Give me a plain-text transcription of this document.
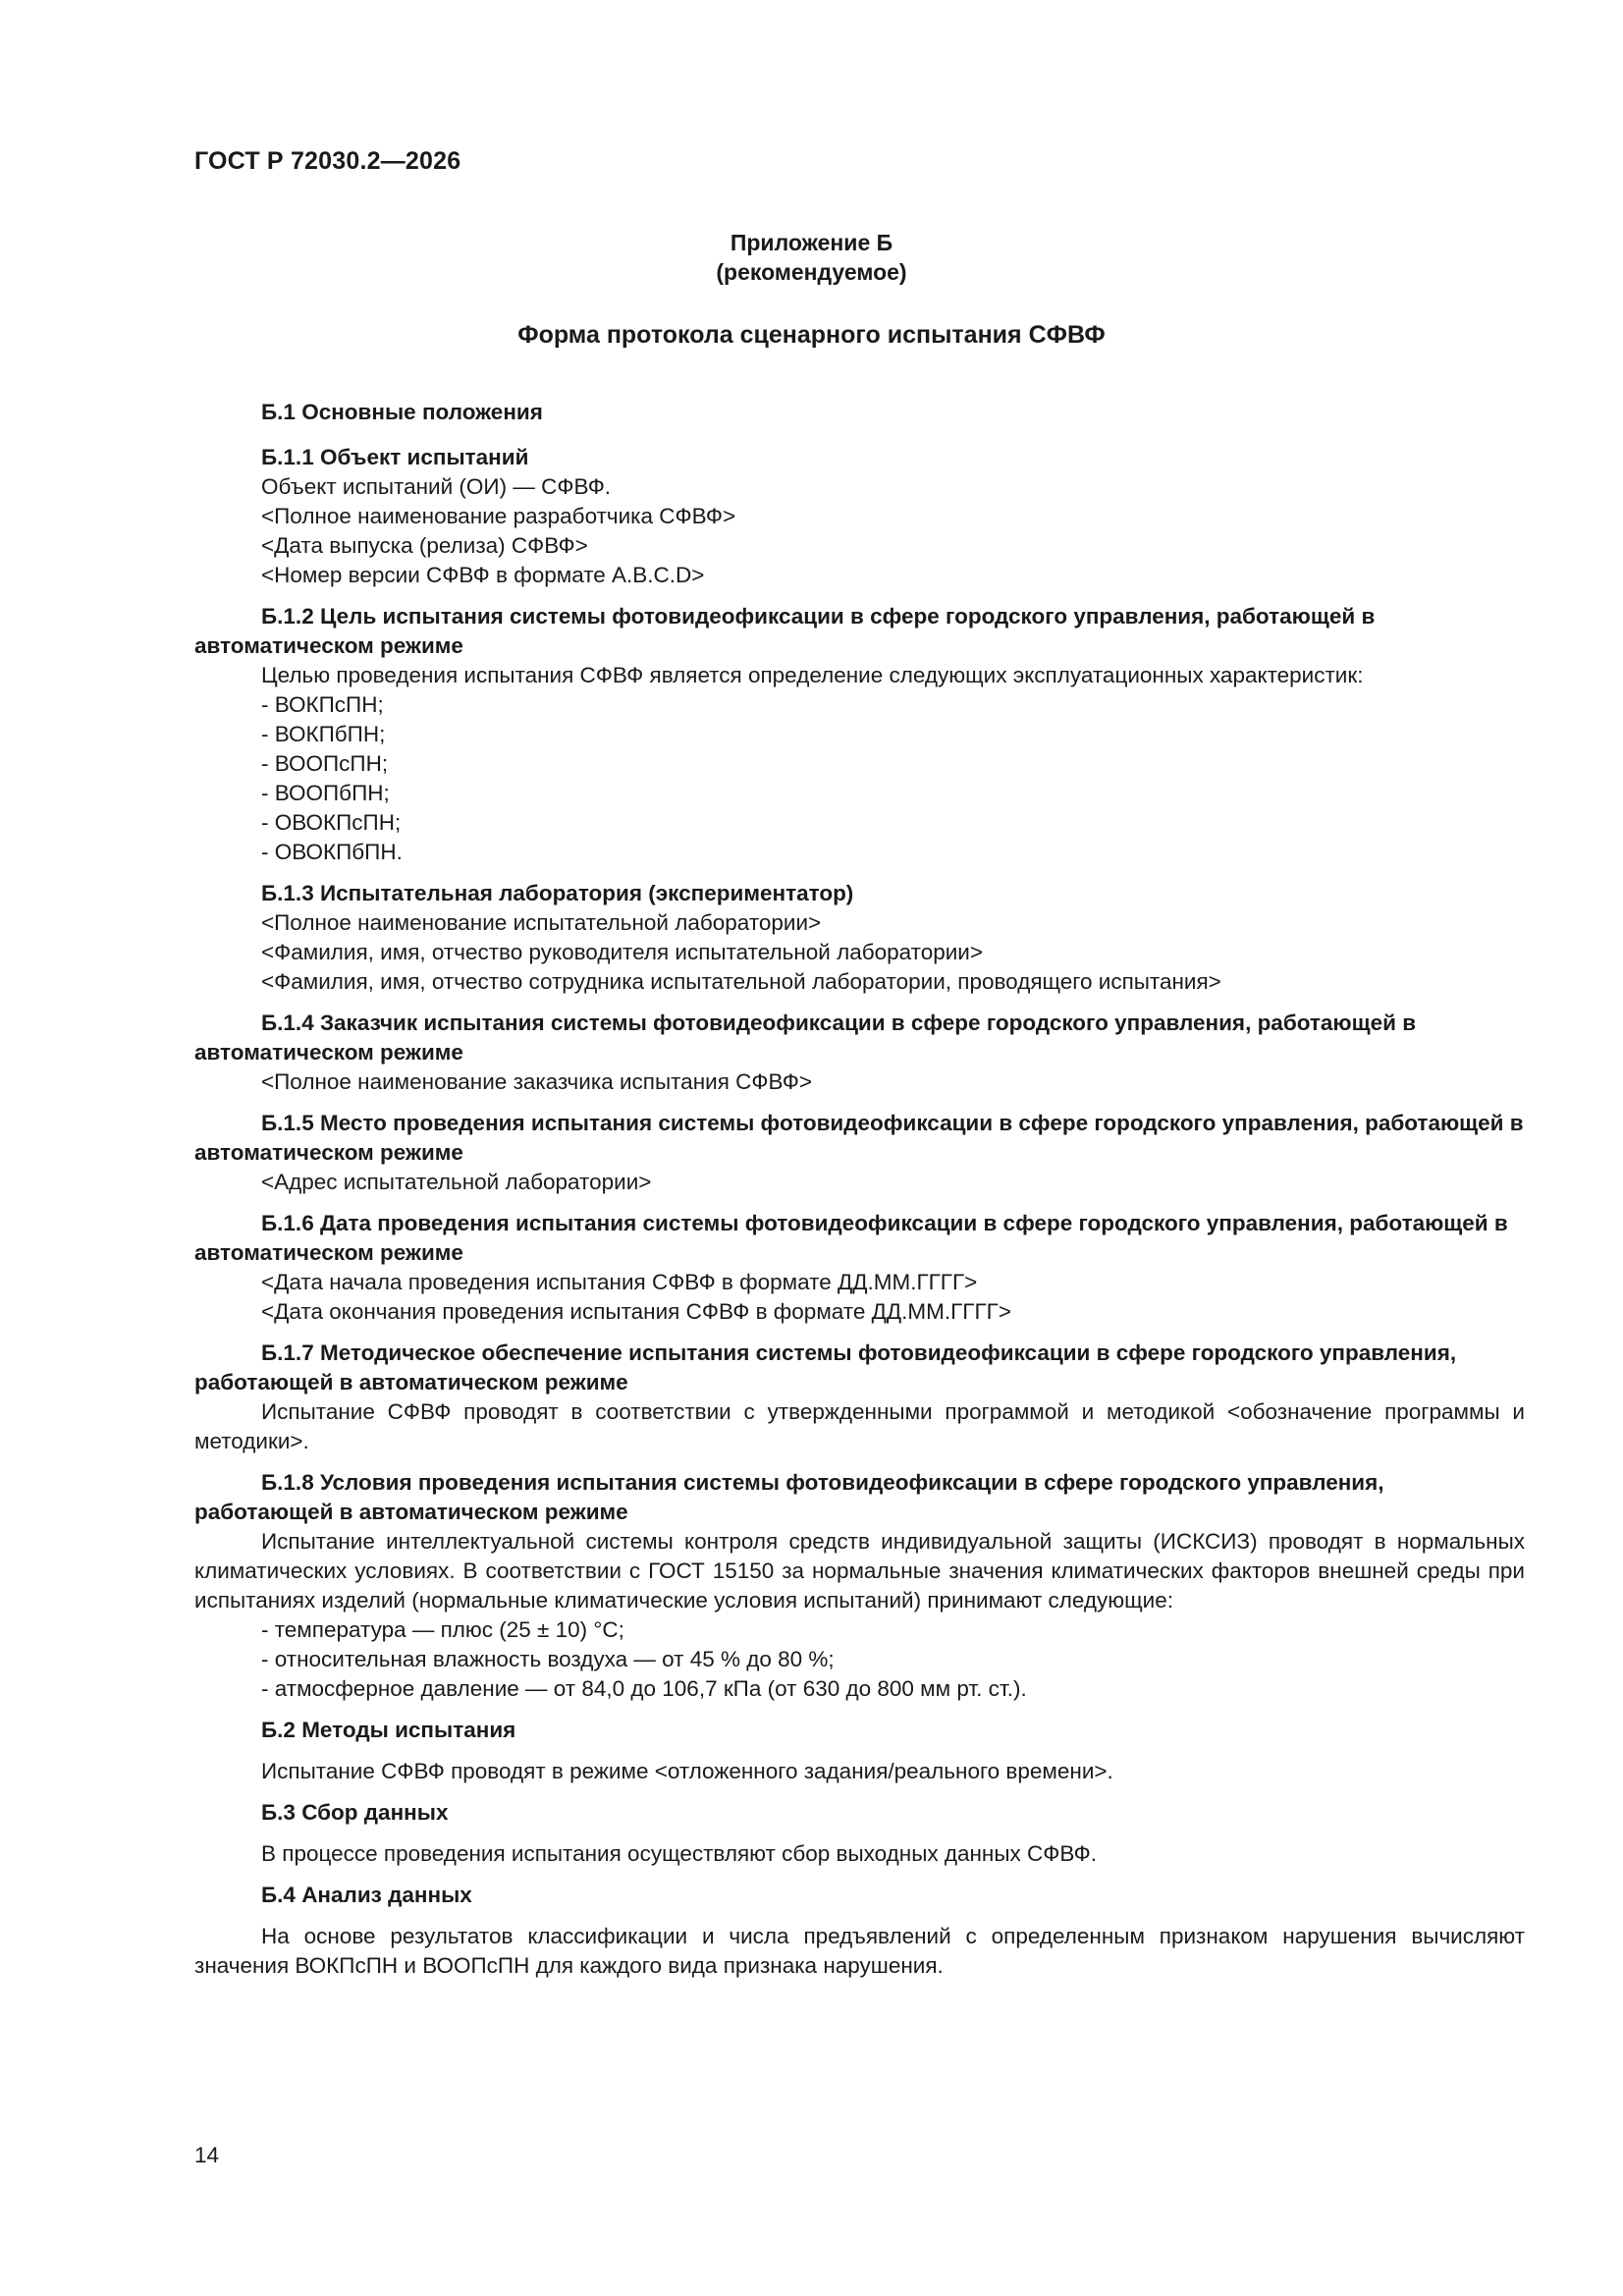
ГОСТ Р 72030.2—2026
Приложение Б
(рекомендуемое)
Форма протокола сценарного испытания СФВФ

Б.1 Основные положения

Б.1.1 Объект испытаний

Объект испытаний (ОИ) — СФВФ.

<Полное наименование разработчика СФВФ>

<Дата выпуска (релиза) СФВФ>

<Номер версии СФВФ в формате A.B.C.D>

Б.1.2 Цель испытания системы фотовидеофиксации в сфере городского управления, работающей в автоматическом режиме

Целью проведения испытания СФВФ является определение следующих эксплуатационных характеристик:

- ВОКПсПН;

- ВОКПбПН;

- ВООПсПН;

- ВООПбПН;

- ОВОКПсПН;

- ОВОКПбПН.

Б.1.3 Испытательная лаборатория (экспериментатор)

<Полное наименование испытательной лаборатории>

<Фамилия, имя, отчество руководителя испытательной лаборатории>

<Фамилия, имя, отчество сотрудника испытательной лаборатории, проводящего испытания>

Б.1.4 Заказчик испытания системы фотовидеофиксации в сфере городского управления, работающей в автоматическом режиме

<Полное наименование заказчика испытания СФВФ>

Б.1.5 Место проведения испытания системы фотовидеофиксации в сфере городского управления, работающей в автоматическом режиме

<Адрес испытательной лаборатории>

Б.1.6 Дата проведения испытания системы фотовидеофиксации в сфере городского управления, работающей в автоматическом режиме

<Дата начала проведения испытания СФВФ в формате ДД.ММ.ГГГГ>

<Дата окончания проведения испытания СФВФ в формате ДД.ММ.ГГГГ>

Б.1.7 Методическое обеспечение испытания системы фотовидеофиксации в сфере городского управления, работающей в автоматическом режиме

Испытание СФВФ проводят в соответствии с утвержденными программой и методикой <обозначение программы и методики>.

Б.1.8 Условия проведения испытания системы фотовидеофиксации в сфере городского управления, работающей в автоматическом режиме

Испытание интеллектуальной системы контроля средств индивидуальной защиты (ИСКСИЗ) проводят в нормальных климатических условиях. В соответствии с ГОСТ 15150 за нормальные значения климатических факторов внешней среды при испытаниях изделий (нормальные климатические условия испытаний) принимают следующие:

- температура — плюс (25 ± 10) °С;

- относительная влажность воздуха — от 45 % до 80 %;

- атмосферное давление — от 84,0 до 106,7 кПа (от 630 до 800 мм рт. ст.).

Б.2 Методы испытания

Испытание СФВФ проводят в режиме <отложенного задания/реального времени>.

Б.3 Сбор данных

В процессе проведения испытания осуществляют сбор выходных данных СФВФ.

Б.4 Анализ данных

На основе результатов классификации и числа предъявлений с определенным признаком нарушения вычисляют значения ВОКПсПН и ВООПсПН для каждого вида признака нарушения.

14
